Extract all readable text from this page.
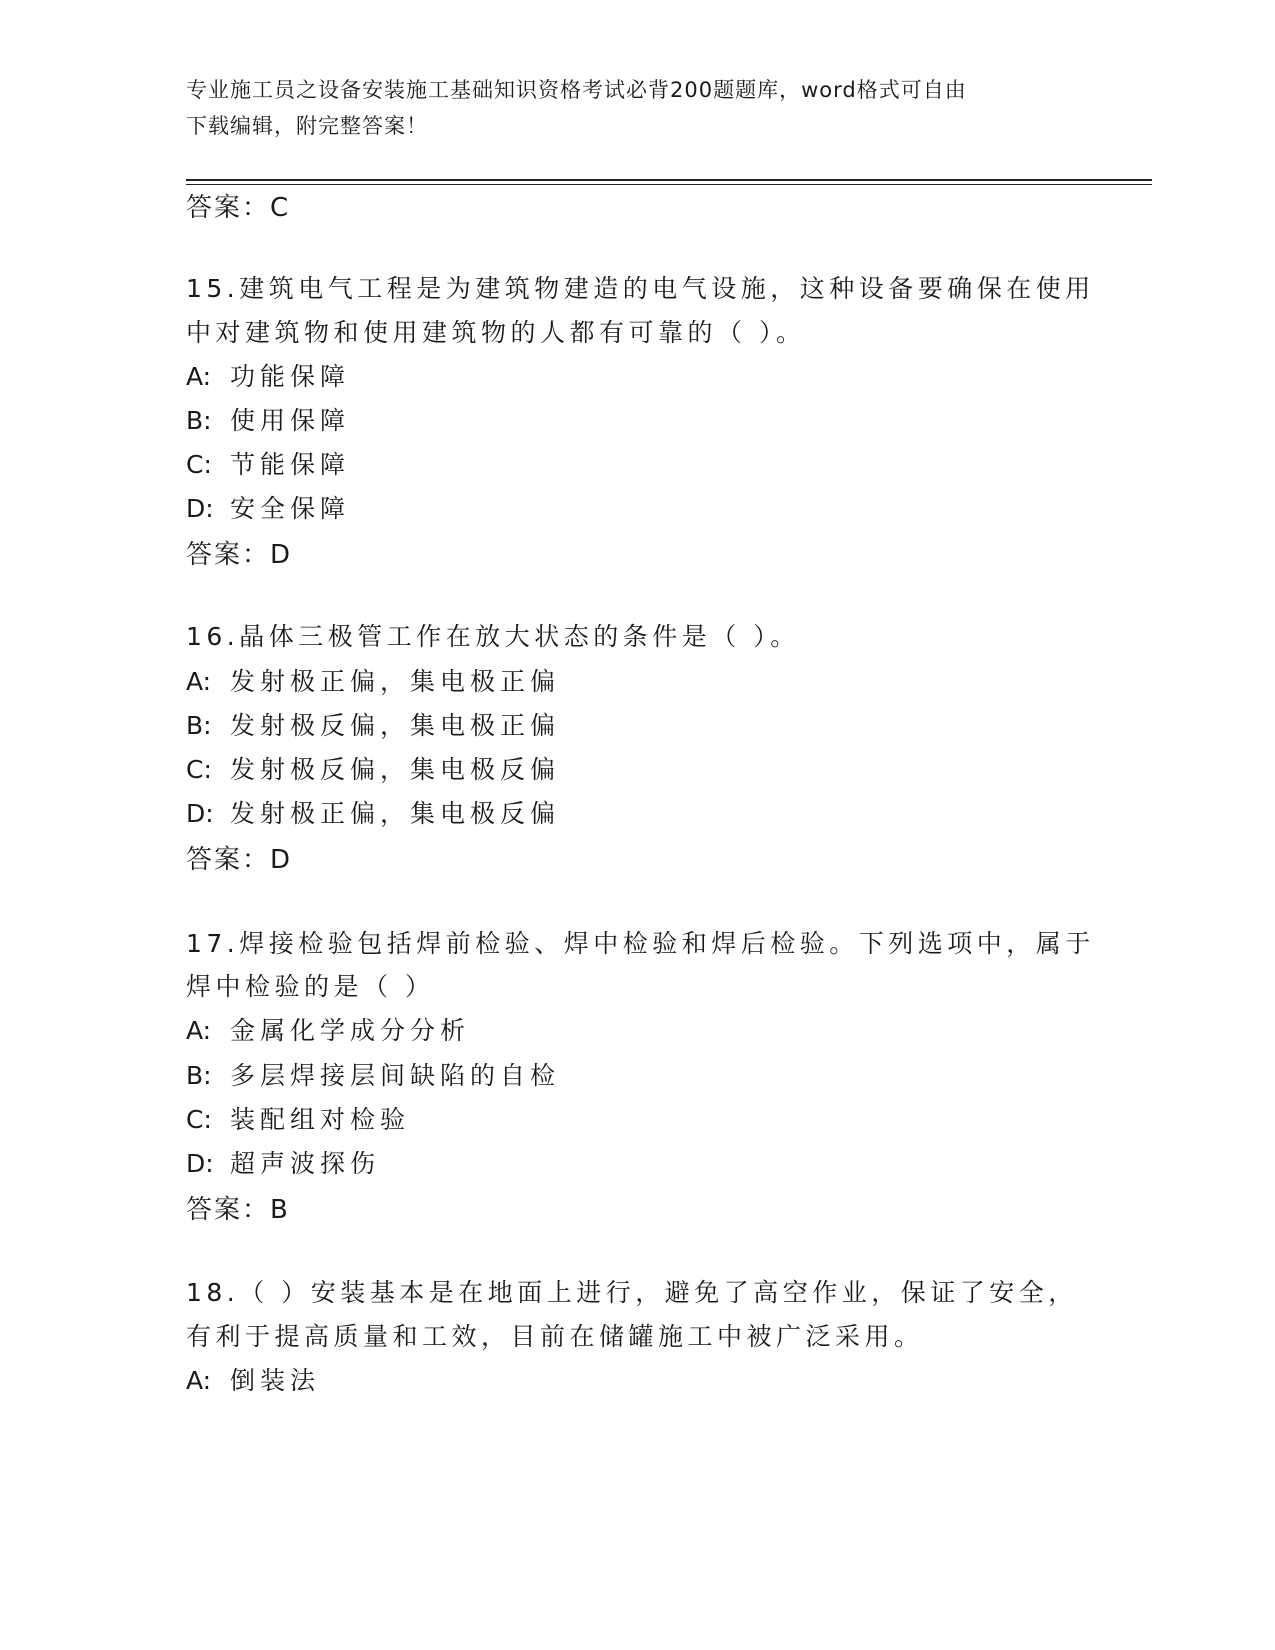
专业施工员之设备安装施工基础知识资格考试必背200题题库，word格式可自由
下载编辑，附完整答案！
答案：C
15.建筑电气工程是为建筑物建造的电气设施，这种设备要确保在使用
中对建筑物和使用建筑物的人都有可靠的（ ）。
A: 功能保障
B: 使用保障
C: 节能保障
D: 安全保障
答案：D
16.晶体三极管工作在放大状态的条件是（ ）。
A: 发射极正偏，集电极正偏
B: 发射极反偏，集电极正偏
C: 发射极反偏，集电极反偏
D: 发射极正偏，集电极反偏
答案：D
17.焊接检验包括焊前检验、焊中检验和焊后检验。下列选项中，属于
焊中检验的是（ ）
A: 金属化学成分分析
B: 多层焊接层间缺陷的自检
C: 装配组对检验
D: 超声波探伤
答案：B
18.（ ）安装基本是在地面上进行，避免了高空作业，保证了安全，
有利于提高质量和工效，目前在储罐施工中被广泛采用。
A: 倒装法
